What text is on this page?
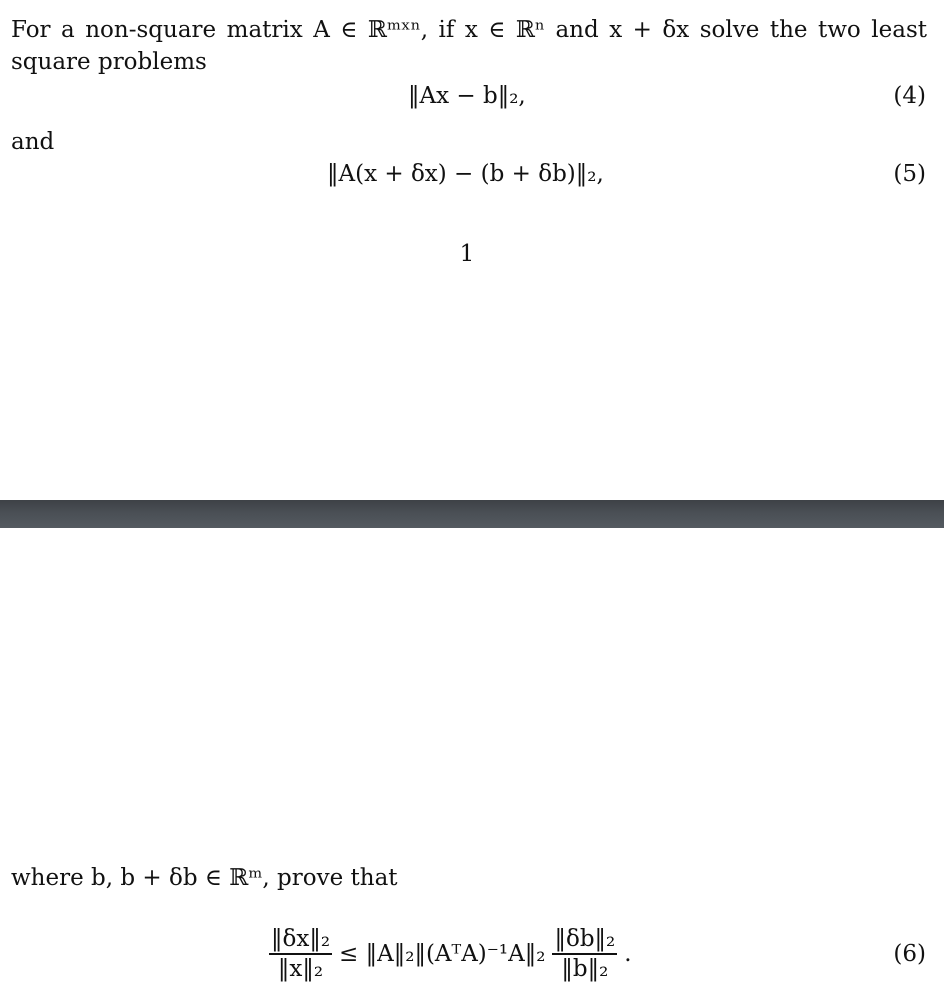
For a non-square matrix A ∈ ℝᵐˣⁿ, if x ∈ ℝⁿ and x + δx solve the two least square problems

‖Ax − b‖₂,	(4)

and

‖A(x + δx) − (b + δb)‖₂,	(5)
1

where b, b + δb ∈ ℝᵐ, prove that

$\frac{\text{‖δx‖₂}}{\text{‖x‖₂}}$ ≤ ‖A‖₂‖(AᵀA)⁻¹A‖₂ $\frac{\text{‖δb‖₂}}{\text{‖b‖₂}}$ .	(6)
